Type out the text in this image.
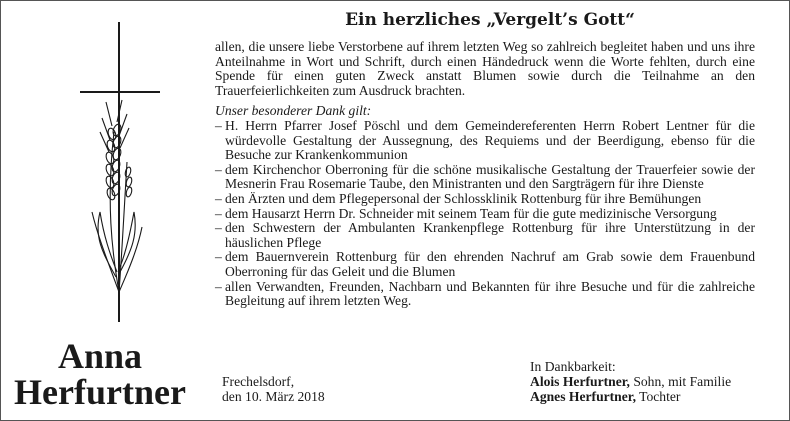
Anna
Herfurtner
Ein herzliches „Vergelt’s Gott“

allen, die unsere liebe Verstorbene auf ihrem letzten Weg so zahlreich begleitet haben und uns ihre Anteilnahme in Wort und Schrift, durch einen Händedruck wenn die Worte fehlten, durch eine Spende für einen guten Zweck anstatt Blumen sowie durch die Teilnahme an den Trauerfeierlichkeiten zum Ausdruck brachten.

Unser besonderer Dank gilt:
– H. Herrn Pfarrer Josef Pöschl und dem Gemeindereferenten Herrn Robert Lentner für die würdevolle Gestaltung der Aussegnung, des Requiems und der Beerdigung, ebenso für die Besuche zur Krankenkommunion
– dem Kirchenchor Oberroning für die schöne musikalische Gestaltung der Trauerfeier sowie der Mesnerin Frau Rosemarie Taube, den Ministranten und den Sargträgern für ihre Dienste
– den Ärzten und dem Pflegepersonal der Schlossklinik Rottenburg für ihre Bemühungen
– dem Hausarzt Herrn Dr. Schneider mit seinem Team für die gute medizinische Versorgung
– den Schwestern der Ambulanten Krankenpflege Rottenburg für ihre Unterstützung in der häuslichen Pflege
– dem Bauernverein Rottenburg für den ehrenden Nachruf am Grab sowie dem Frauenbund Oberroning für das Geleit und die Blumen
– allen Verwandten, Freunden, Nachbarn und Bekannten für ihre Besuche und für die zahlreiche Begleitung auf ihrem letzten Weg.
Frechelsdorf,
den 10. März 2018
In Dankbarkeit:
Alois Herfurtner, Sohn, mit Familie
Agnes Herfurtner, Tochter
